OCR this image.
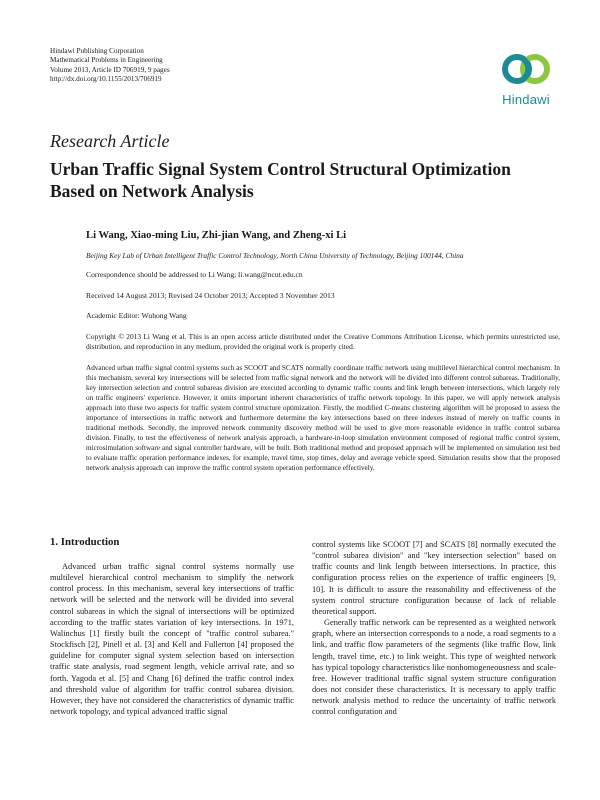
Hindawi Publishing Corporation
Mathematical Problems in Engineering
Volume 2013, Article ID 706919, 9 pages
http://dx.doi.org/10.1155/2013/706919
Hindawi
Research Article
Urban Traffic Signal System Control Structural Optimization
Based on Network Analysis
Li Wang, Xiao-ming Liu, Zhi-jian Wang, and Zheng-xi Li
Beijing Key Lab of Urban Intelligent Traffic Control Technology, North China University of Technology, Beijing 100144, China
Correspondence should be addressed to Li Wang; li.wang@ncut.edu.cn
Received 14 August 2013; Revised 24 October 2013; Accepted 3 November 2013
Academic Editor: Wuhong Wang
Copyright © 2013 Li Wang et al. This is an open access article distributed under the Creative Commons Attribution License, which permits unrestricted use, distribution, and reproduction in any medium, provided the original work is properly cited.
Advanced urban traffic signal control systems such as SCOOT and SCATS normally coordinate traffic network using multilevel hierarchical control mechanism. In this mechanism, several key intersections will be selected from traffic signal network and the network will be divided into different control subareas. Traditionally, key intersection selection and control subareas division are executed according to dynamic traffic counts and link length between intersections, which largely rely on traffic engineers' experience. However, it omits important inherent characteristics of traffic network topology. In this paper, we will apply network analysis approach into these two aspects for traffic system control structure optimization. Firstly, the modified C-means clustering algorithm will be proposed to assess the importance of intersections in traffic network and furthermore determine the key intersections based on three indexes instead of merely on traffic counts in traditional methods. Secondly, the improved network community discovery method will be used to give more reasonable evidence in traffic control subarea division. Finally, to test the effectiveness of network analysis approach, a hardware-in-loop simulation environment composed of regional traffic control system, microsimulation software and signal controller hardware, will be built. Both traditional method and proposed approach will be implemented on simulation test bed to evaluate traffic operation performance indexes, for example, travel time, stop times, delay and average vehicle speed. Simulation results show that the proposed network analysis approach can improve the traffic control system operation performance effectively.
1. Introduction

Advanced urban traffic signal control systems normally use multilevel hierarchical control mechanism to simplify the network control process. In this mechanism, several key intersections of traffic network will be selected and the network will be divided into several control subareas in which the signal of intersections will be optimized according to the traffic states variation of key intersections. In 1971, Walinchus [1] firstly built the concept of "traffic control subarea." Stockfisch [2], Pinell et al. [3] and Kell and Fullerton [4] proposed the guideline for computer signal system selection based on intersection traffic state analysis, road segment length, vehicle arrival rate, and so forth. Yagoda et al. [5] and Chang [6] defined the traffic control index and threshold value of algorithm for traffic control subarea division. However, they have not considered the characteristics of dynamic traffic network topology, and typical advanced traffic signal

control systems like SCOOT [7] and SCATS [8] normally executed the "control subarea division" and "key intersection selection" based on traffic counts and link length between intersections. In practice, this configuration process relies on the experience of traffic engineers [9, 10]. It is difficult to assure the reasonability and effectiveness of the system control structure configuration because of lack of reliable theoretical support.

Generally traffic network can be represented as a weighted network graph, where an intersection corresponds to a node, a road segments to a link, and traffic flow parameters of the segments (like traffic flow, link length, travel time, etc.) to link weight. This type of weighted network has typical topology characteristics like nonhomogeneousness and scale-free. However traditional traffic signal system structure configuration does not consider these characteristics. It is necessary to apply traffic network analysis method to reduce the uncertainty of traffic network control configuration and
